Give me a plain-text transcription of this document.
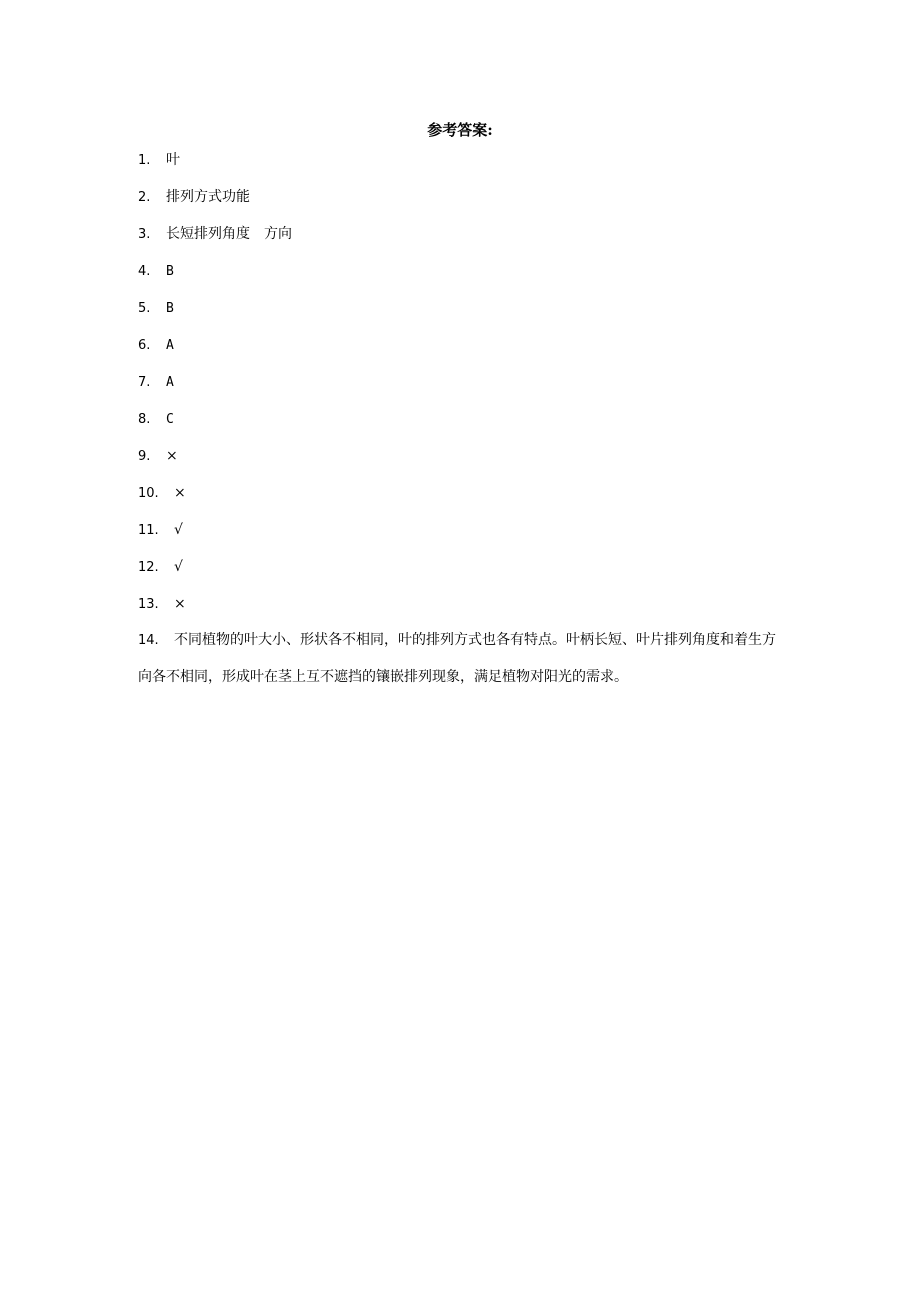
参考答案:
1. 叶
2. 排列方式功能
3. 长短排列角度 方向
4. B
5. B
6. A
7. A
8. C
9. ×
10. ×
11. √
12. √
13. ×
14. 不同植物的叶大小、形状各不相同，叶的排列方式也各有特点。叶柄长短、叶片排列角度和着生方向各不相同，形成叶在茎上互不遮挡的镶嵌排列现象，满足植物对阳光的需求。
